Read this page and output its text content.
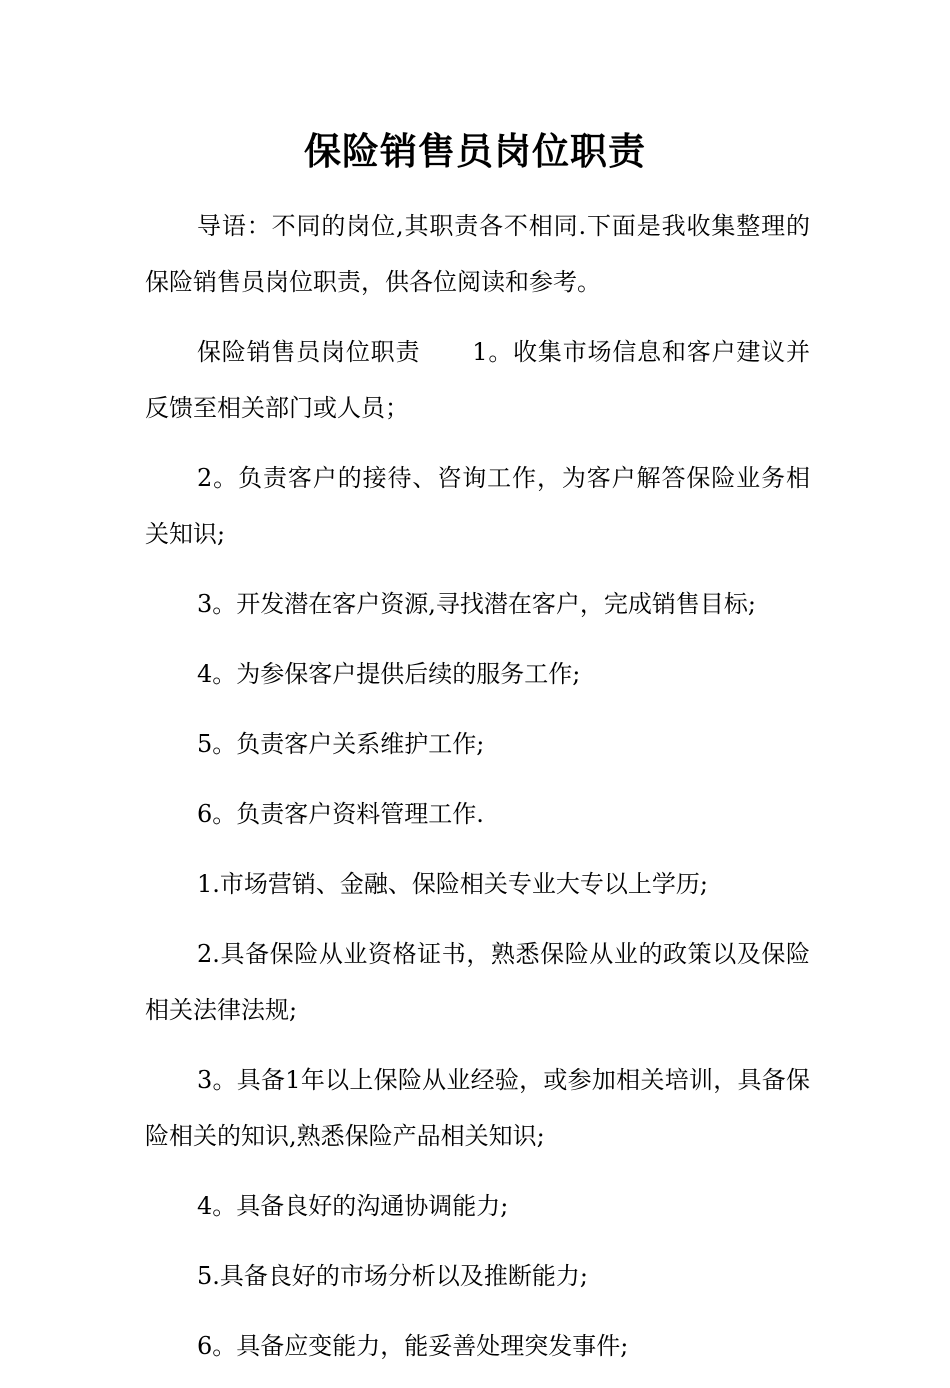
保险销售员岗位职责

导语：不同的岗位,其职责各不相同.下面是我收集整理的保险销售员岗位职责，供各位阅读和参考。

保险销售员岗位职责 1。收集市场信息和客户建议并反馈至相关部门或人员；

2。负责客户的接待、咨询工作，为客户解答保险业务相关知识;

3。开发潜在客户资源,寻找潜在客户，完成销售目标;

4。为参保客户提供后续的服务工作;

5。负责客户关系维护工作;

6。负责客户资料管理工作.

1.市场营销、金融、保险相关专业大专以上学历;

2.具备保险从业资格证书，熟悉保险从业的政策以及保险相关法律法规;

3。具备1年以上保险从业经验，或参加相关培训，具备保险相关的知识,熟悉保险产品相关知识;

4。具备良好的沟通协调能力;

5.具备良好的市场分析以及推断能力;

6。具备应变能力，能妥善处理突发事件;
